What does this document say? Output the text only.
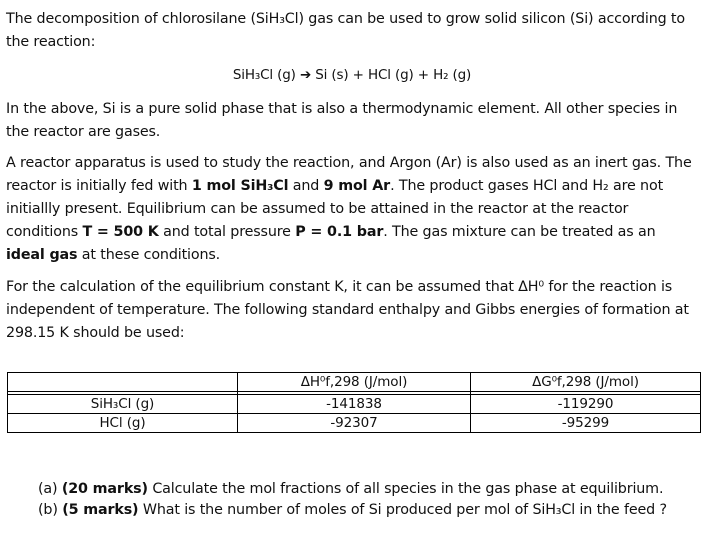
The decomposition of chlorosilane (SiH₃Cl) gas can be used to grow solid silicon (Si) according to the reaction:

SiH₃Cl (g) ➔ Si (s) + HCl (g) + H₂ (g)

In the above, Si is a pure solid phase that is also a thermodynamic element. All other species in the reactor are gases.

A reactor apparatus is used to study the reaction, and Argon (Ar) is also used as an inert gas. The reactor is initially fed with 1 mol SiH₃Cl and 9 mol Ar. The product gases HCl and H₂ are not initiallly present. Equilibrium can be assumed to be attained in the reactor at the reactor conditions T = 500 K and total pressure P = 0.1 bar. The gas mixture can be treated as an ideal gas at these conditions.

For the calculation of the equilibrium constant K, it can be assumed that ΔH⁰ for the reaction is independent of temperature. The following standard enthalpy and Gibbs energies of formation at 298.15 K should be used:

	ΔH⁰f,298 (J/mol)	ΔG⁰f,298 (J/mol)

SiH₃Cl (g)	-141838	-119290
HCl (g)	-92307	-95299
(a) (20 marks) Calculate the mol fractions of all species in the gas phase at equilibrium.
(b) (5 marks) What is the number of moles of Si produced per mol of SiH₃Cl in the feed ?
